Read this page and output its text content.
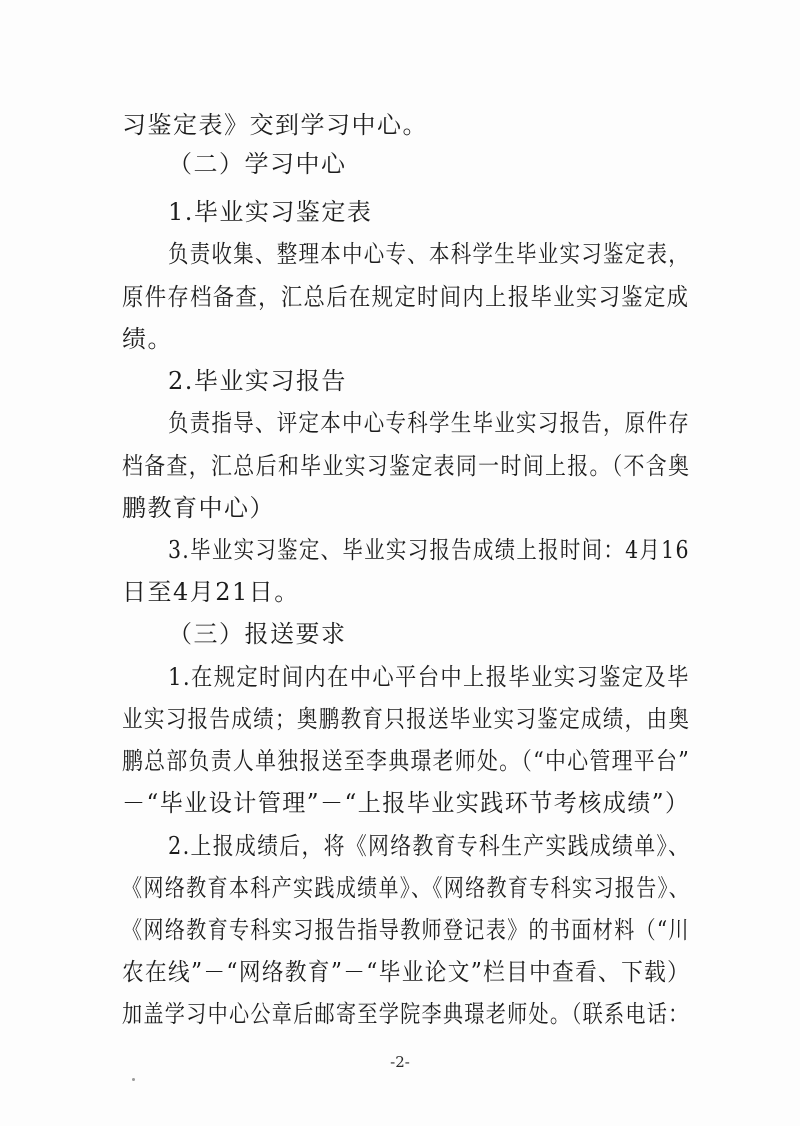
习鉴定表》交到学习中心。
（二）学习中心
1.毕业实习鉴定表
负责收集、整理本中心专、本科学生毕业实习鉴定表，
原件存档备查，汇总后在规定时间内上报毕业实习鉴定成
绩。
2.毕业实习报告
负责指导、评定本中心专科学生毕业实习报告，原件存
档备查，汇总后和毕业实习鉴定表同一时间上报。（不含奥
鹏教育中心）
3.毕业实习鉴定、毕业实习报告成绩上报时间：4月16
日至4月21日。
（三）报送要求
1.在规定时间内在中心平台中上报毕业实习鉴定及毕
业实习报告成绩；奥鹏教育只报送毕业实习鉴定成绩，由奥
鹏总部负责人单独报送至李典璟老师处。（“中心管理平台”
－“毕业设计管理”－“上报毕业实践环节考核成绩”）
2.上报成绩后，将《网络教育专科生产实践成绩单》、
《网络教育本科产实践成绩单》、《网络教育专科实习报告》、
《网络教育专科实习报告指导教师登记表》的书面材料（“川
农在线”－“网络教育”－“毕业论文”栏目中查看、下载）
加盖学习中心公章后邮寄至学院李典璟老师处。（联系电话：
-2-
